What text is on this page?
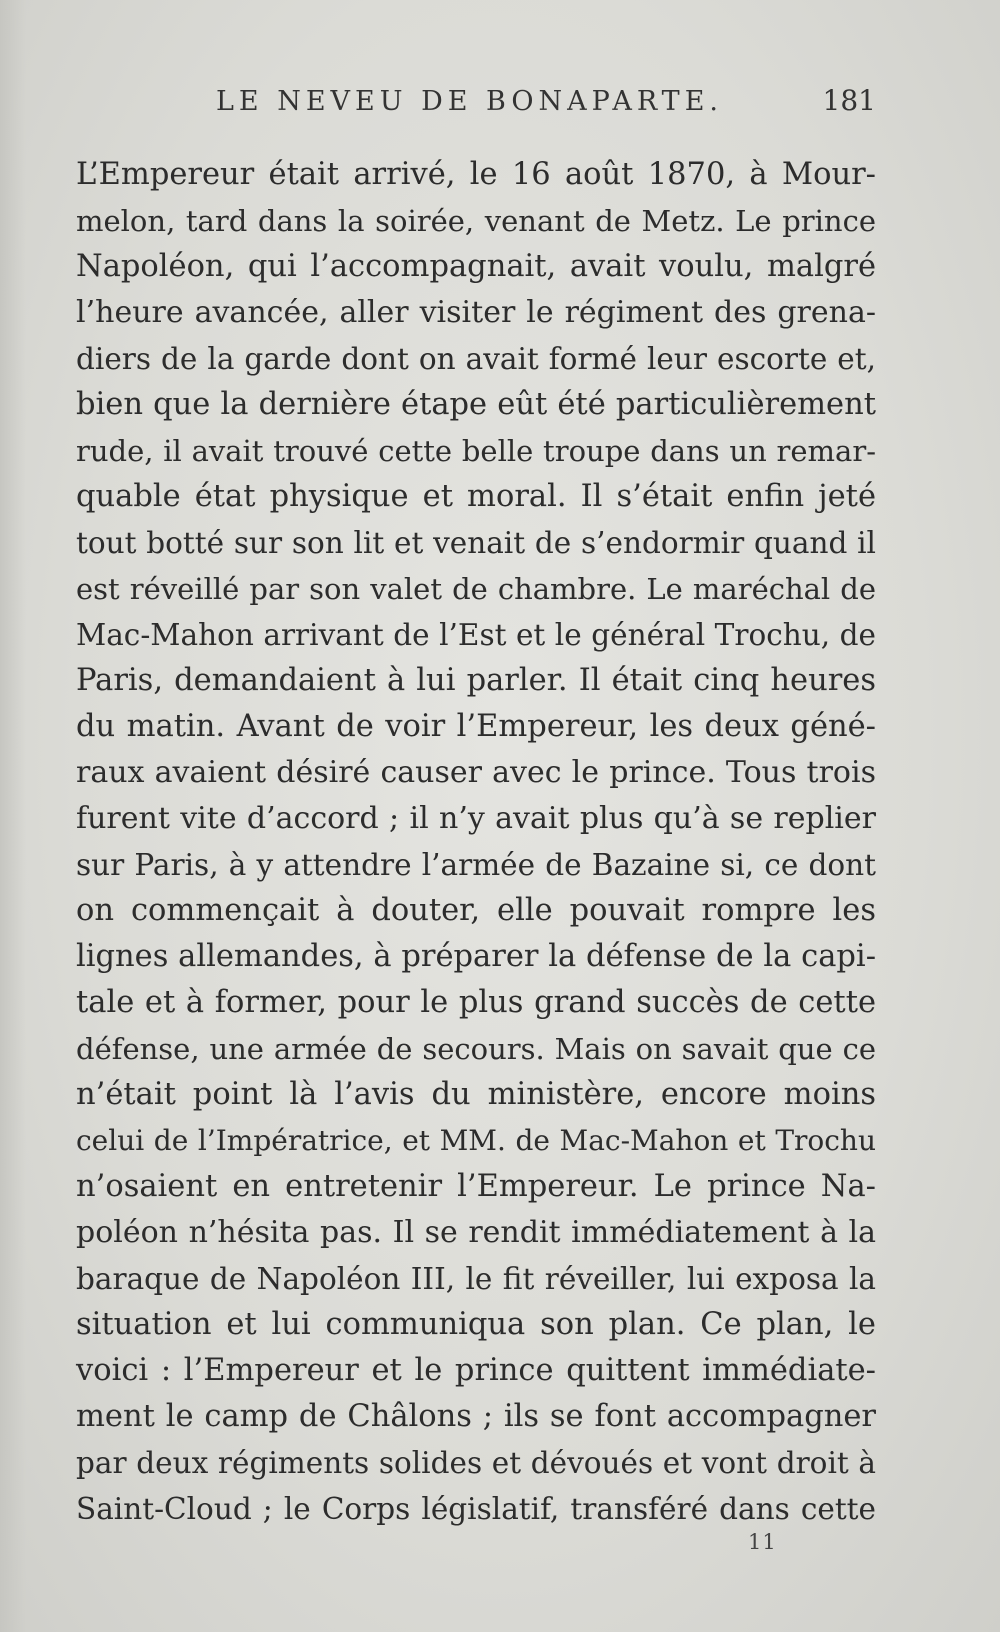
LE NEVEU DE BONAPARTE.	181
L’Empereur était arrivé, le 16 août 1870, à Mour-
melon, tard dans la soirée, venant de Metz. Le prince
Napoléon, qui l’accompagnait, avait voulu, malgré
l’heure avancée, aller visiter le régiment des grena-
diers de la garde dont on avait formé leur escorte et,
bien que la dernière étape eût été particulièrement
rude, il avait trouvé cette belle troupe dans un remar-
quable état physique et moral. Il s’était enfin jeté
tout botté sur son lit et venait de s’endormir quand il
est réveillé par son valet de chambre. Le maréchal de
Mac-Mahon arrivant de l’Est et le général Trochu, de
Paris, demandaient à lui parler. Il était cinq heures
du matin. Avant de voir l’Empereur, les deux géné-
raux avaient désiré causer avec le prince. Tous trois
furent vite d’accord ; il n’y avait plus qu’à se replier
sur Paris, à y attendre l’armée de Bazaine si, ce dont
on commençait à douter, elle pouvait rompre les
lignes allemandes, à préparer la défense de la capi-
tale et à former, pour le plus grand succès de cette
défense, une armée de secours. Mais on savait que ce
n’était point là l’avis du ministère, encore moins
celui de l’Impératrice, et MM. de Mac-Mahon et Trochu
n’osaient en entretenir l’Empereur. Le prince Na-
poléon n’hésita pas. Il se rendit immédiatement à la
baraque de Napoléon III, le fit réveiller, lui exposa la
situation et lui communiqua son plan. Ce plan, le
voici : l’Empereur et le prince quittent immédiate-
ment le camp de Châlons ; ils se font accompagner
par deux régiments solides et dévoués et vont droit à
Saint-Cloud ; le Corps législatif, transféré dans cette
11
